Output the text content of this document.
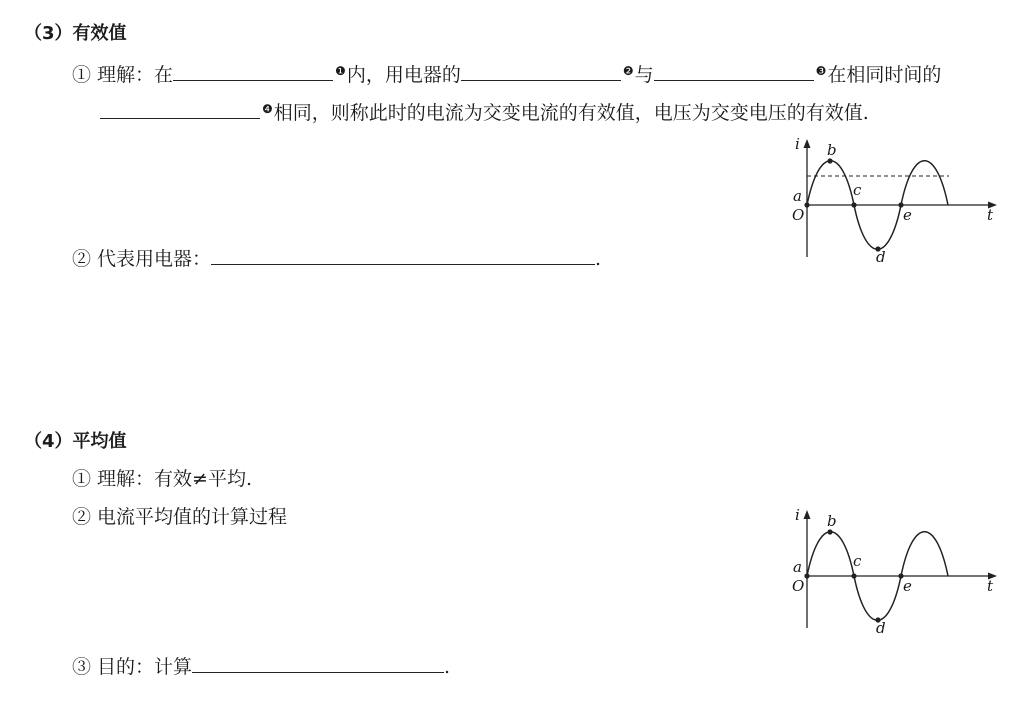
（3）有效值
① 理解：在	$^❶$内，用电器的	$^❷$与	$^❸$在相同时间的
$^❹$相同，则称此时的电流为交变电流的有效值，电压为交变电压的有效值.
② 代表用电器：	.
i
t
O
a
b
c
d
e
（4）平均值
① 理解：有效≠平均.
② 电流平均值的计算过程
③ 目的：计算	.
i
t
O
a
b
c
d
e
